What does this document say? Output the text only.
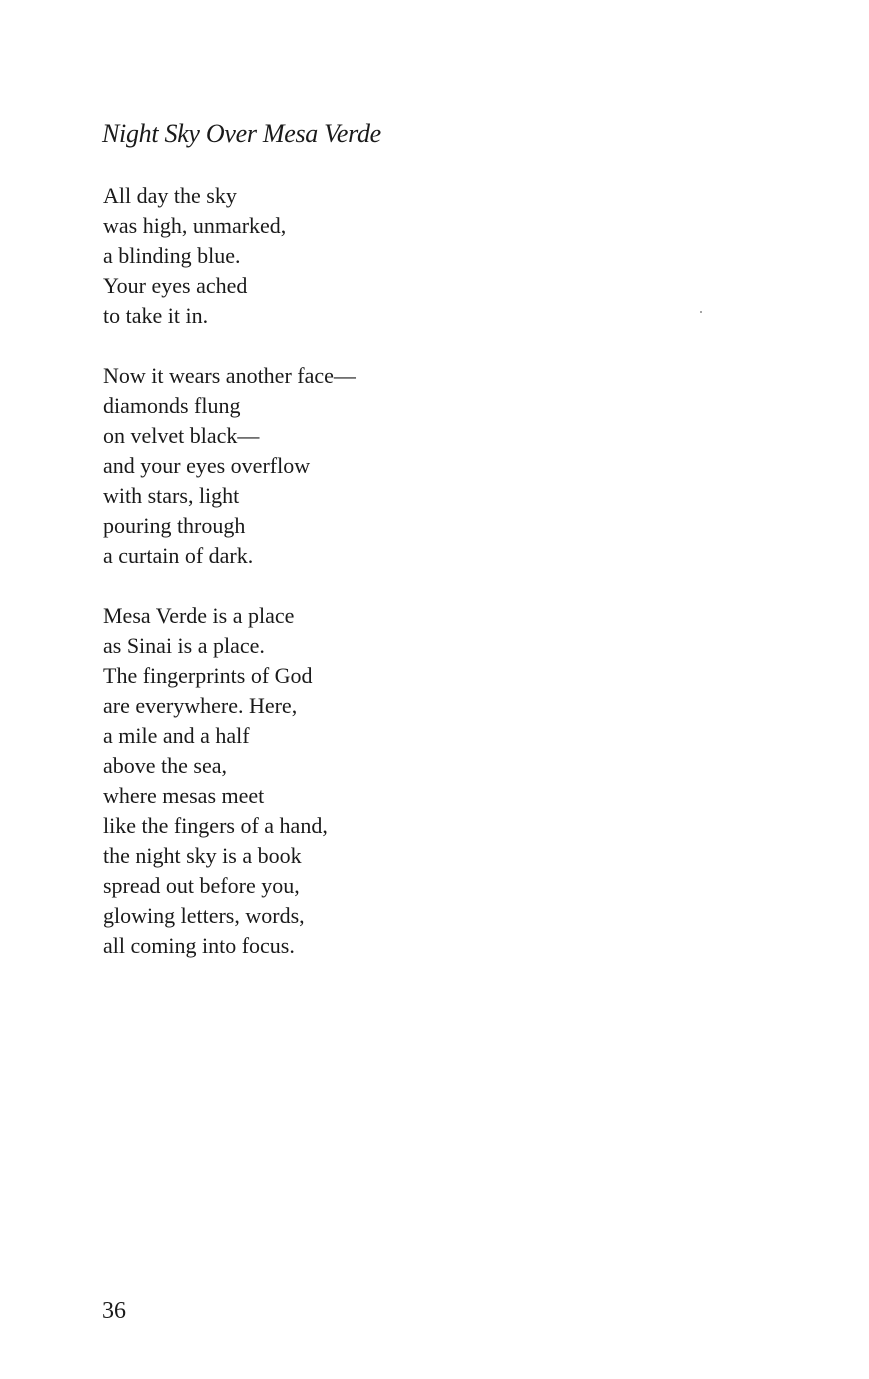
Night Sky Over Mesa Verde

All day the sky
was high, unmarked,
a blinding blue.
Your eyes ached
to take it in.

Now it wears another face—
diamonds flung
on velvet black—
and your eyes overflow
with stars, light
pouring through
a curtain of dark.

Mesa Verde is a place
as Sinai is a place.
The fingerprints of God
are everywhere. Here,
a mile and a half
above the sea,
where mesas meet
like the fingers of a hand,
the night sky is a book
spread out before you,
glowing letters, words,
all coming into focus.

36
